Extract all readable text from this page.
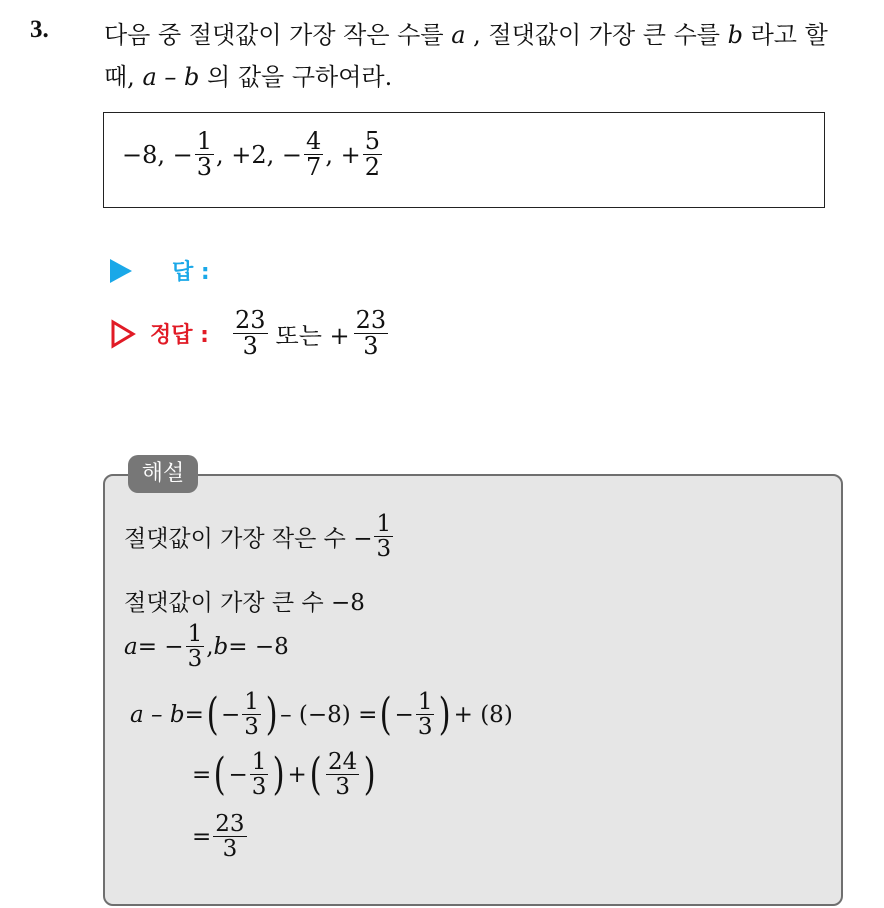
3. 다음 중 절댓값이 가장 작은 수를 a , 절댓값이 가장 큰 수를 b 라고 할
때, a – b 의 값을 구하여라.
−8, − $\frac{1}{3}$ , +2, − $\frac{4}{7}$ , + $\frac{5}{2}$
답 :
정답 : $\frac{23}{3}$ 또는 + $\frac{23}{3}$
해설
절댓값이 가장 작은 수 − $\frac{1}{3}$
절댓값이 가장 큰 수 −8
a = − $\frac{1}{3}$ , b = −8
a – b = ( − $\frac{1}{3}$ ) – (−8) = ( − $\frac{1}{3}$ ) + (8)
= ( − $\frac{1}{3}$ ) + ( $\frac{24}{3}$ )
= $\frac{23}{3}$
